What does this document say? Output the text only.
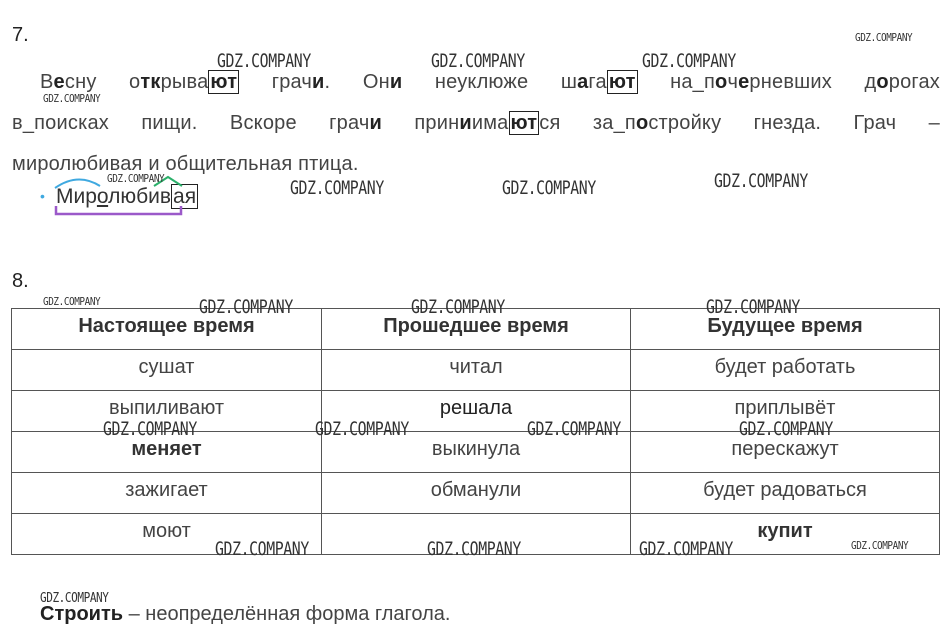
7.
Весну открыва ют грачи. Они неуклюже шага ют на_почерневших дорогах
в_поисках пищи. Вскоре грачи приниима ют ся за_постройку гнезда. Грач –
миролюбивая и общительная птица.
• Миролюбивая
8.
Настоящее время	Прошедшее время	Будущее время
сушат	читал	будет работать
выпиливают	решала	приплывёт
меняет	выкинула	перескажут
зажигает	обманули	будет радоваться
моют		купит
Строить – неопределённая форма глагола.
GDZ.COMPANY	GDZ.COMPANY	GDZ.COMPANY
GDZ.COMPANY
GDZ.COMPANY
GDZ.COMPANY	GDZ.COMPANY	GDZ.COMPANY	GDZ.COMPANY
GDZ.COMPANY	GDZ.COMPANY	GDZ.COMPANY	GDZ.COMPANY
GDZ.COMPANY	GDZ.COMPANY	GDZ.COMPANY	GDZ.COMPANY
GDZ.COMPANY	GDZ.COMPANY	GDZ.COMPANY	GDZ.COMPANY
GDZ.COMPANY
